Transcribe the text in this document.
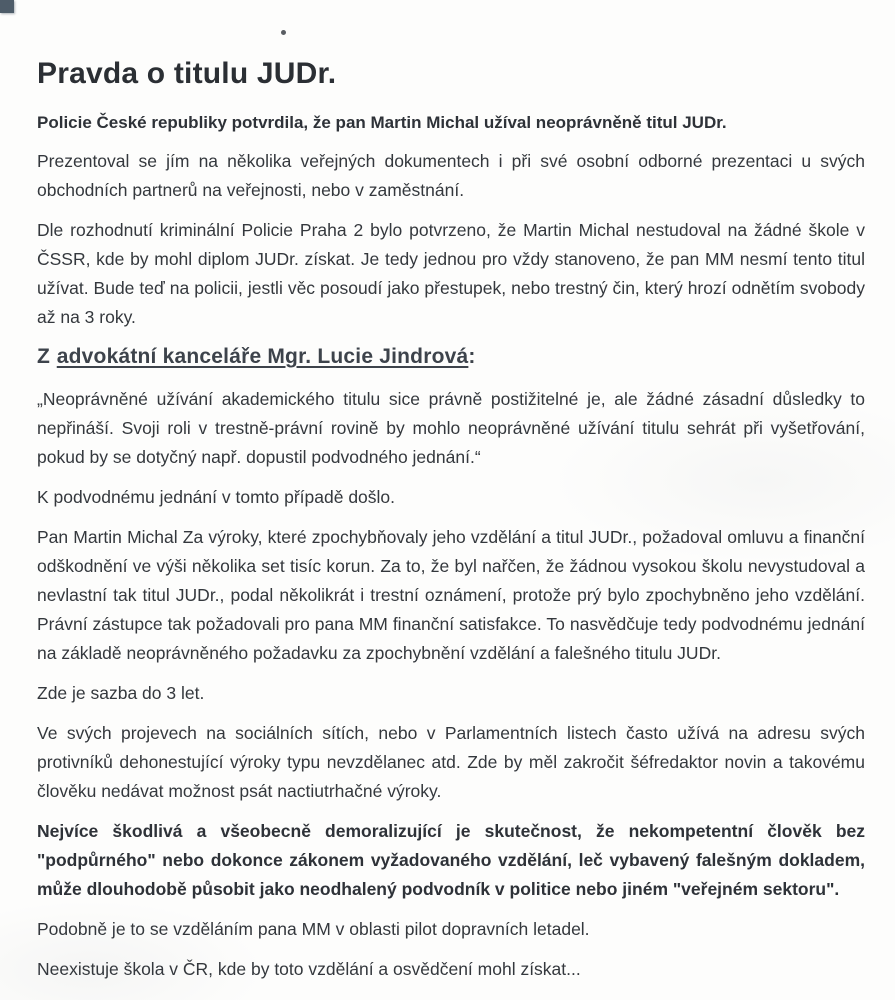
Pravda o titulu JUDr.
Policie České republiky potvrdila, že pan Martin Michal užíval neoprávněně titul JUDr.

Prezentoval se jím na několika veřejných dokumentech i při své osobní odborné prezentaci u svých obchodních partnerů na veřejnosti, nebo v zaměstnání.

Dle rozhodnutí kriminální Policie Praha 2 bylo potvrzeno, že Martin Michal nestudoval na žádné škole v ČSSR, kde by mohl diplom JUDr. získat. Je tedy jednou pro vždy stanoveno, že pan MM nesmí tento titul užívat. Bude teď na policii, jestli věc posoudí jako přestupek, nebo trestný čin, který hrozí odnětím svobody až na 3 roky.

Z advokátní kanceláře Mgr. Lucie Jindrová:

„Neoprávněné užívání akademického titulu sice právně postižitelné je, ale žádné zásadní důsledky to nepřináší. Svoji roli v trestně-právní rovině by mohlo neoprávněné užívání titulu sehrát při vyšetřování, pokud by se dotyčný např. dopustil podvodného jednání.“

K podvodnému jednání v tomto případě došlo.

Pan Martin Michal Za výroky, které zpochybňovaly jeho vzdělání a titul JUDr., požadoval omluvu a finanční odškodnění ve výši několika set tisíc korun. Za to, že byl nařčen, že žádnou vysokou školu nevystudoval a nevlastní tak titul JUDr., podal několikrát i trestní oznámení, protože prý bylo zpochybněno jeho vzdělání. Právní zástupce tak požadovali pro pana MM finanční satisfakce. To nasvědčuje tedy podvodnému jednání na základě neoprávněného požadavku za zpochybnění vzdělání a falešného titulu JUDr.

Zde je sazba do 3 let.

Ve svých projevech na sociálních sítích, nebo v Parlamentních listech často užívá na adresu svých protivníků dehonestující výroky typu nevzdělanec atd. Zde by měl zakročit šéfredaktor novin a takovému člověku nedávat možnost psát nactiutrhačné výroky.

Nejvíce škodlivá a všeobecně demoralizující je skutečnost, že nekompetentní člověk bez "podpůrného" nebo dokonce zákonem vyžadovaného vzdělání, leč vybavený falešným dokladem, může dlouhodobě působit jako neodhalený podvodník v politice nebo jiném "veřejném sektoru".

Podobně je to se vzděláním pana MM v oblasti pilot dopravních letadel.

Neexistuje škola v ČR, kde by toto vzdělání a osvědčení mohl získat...
